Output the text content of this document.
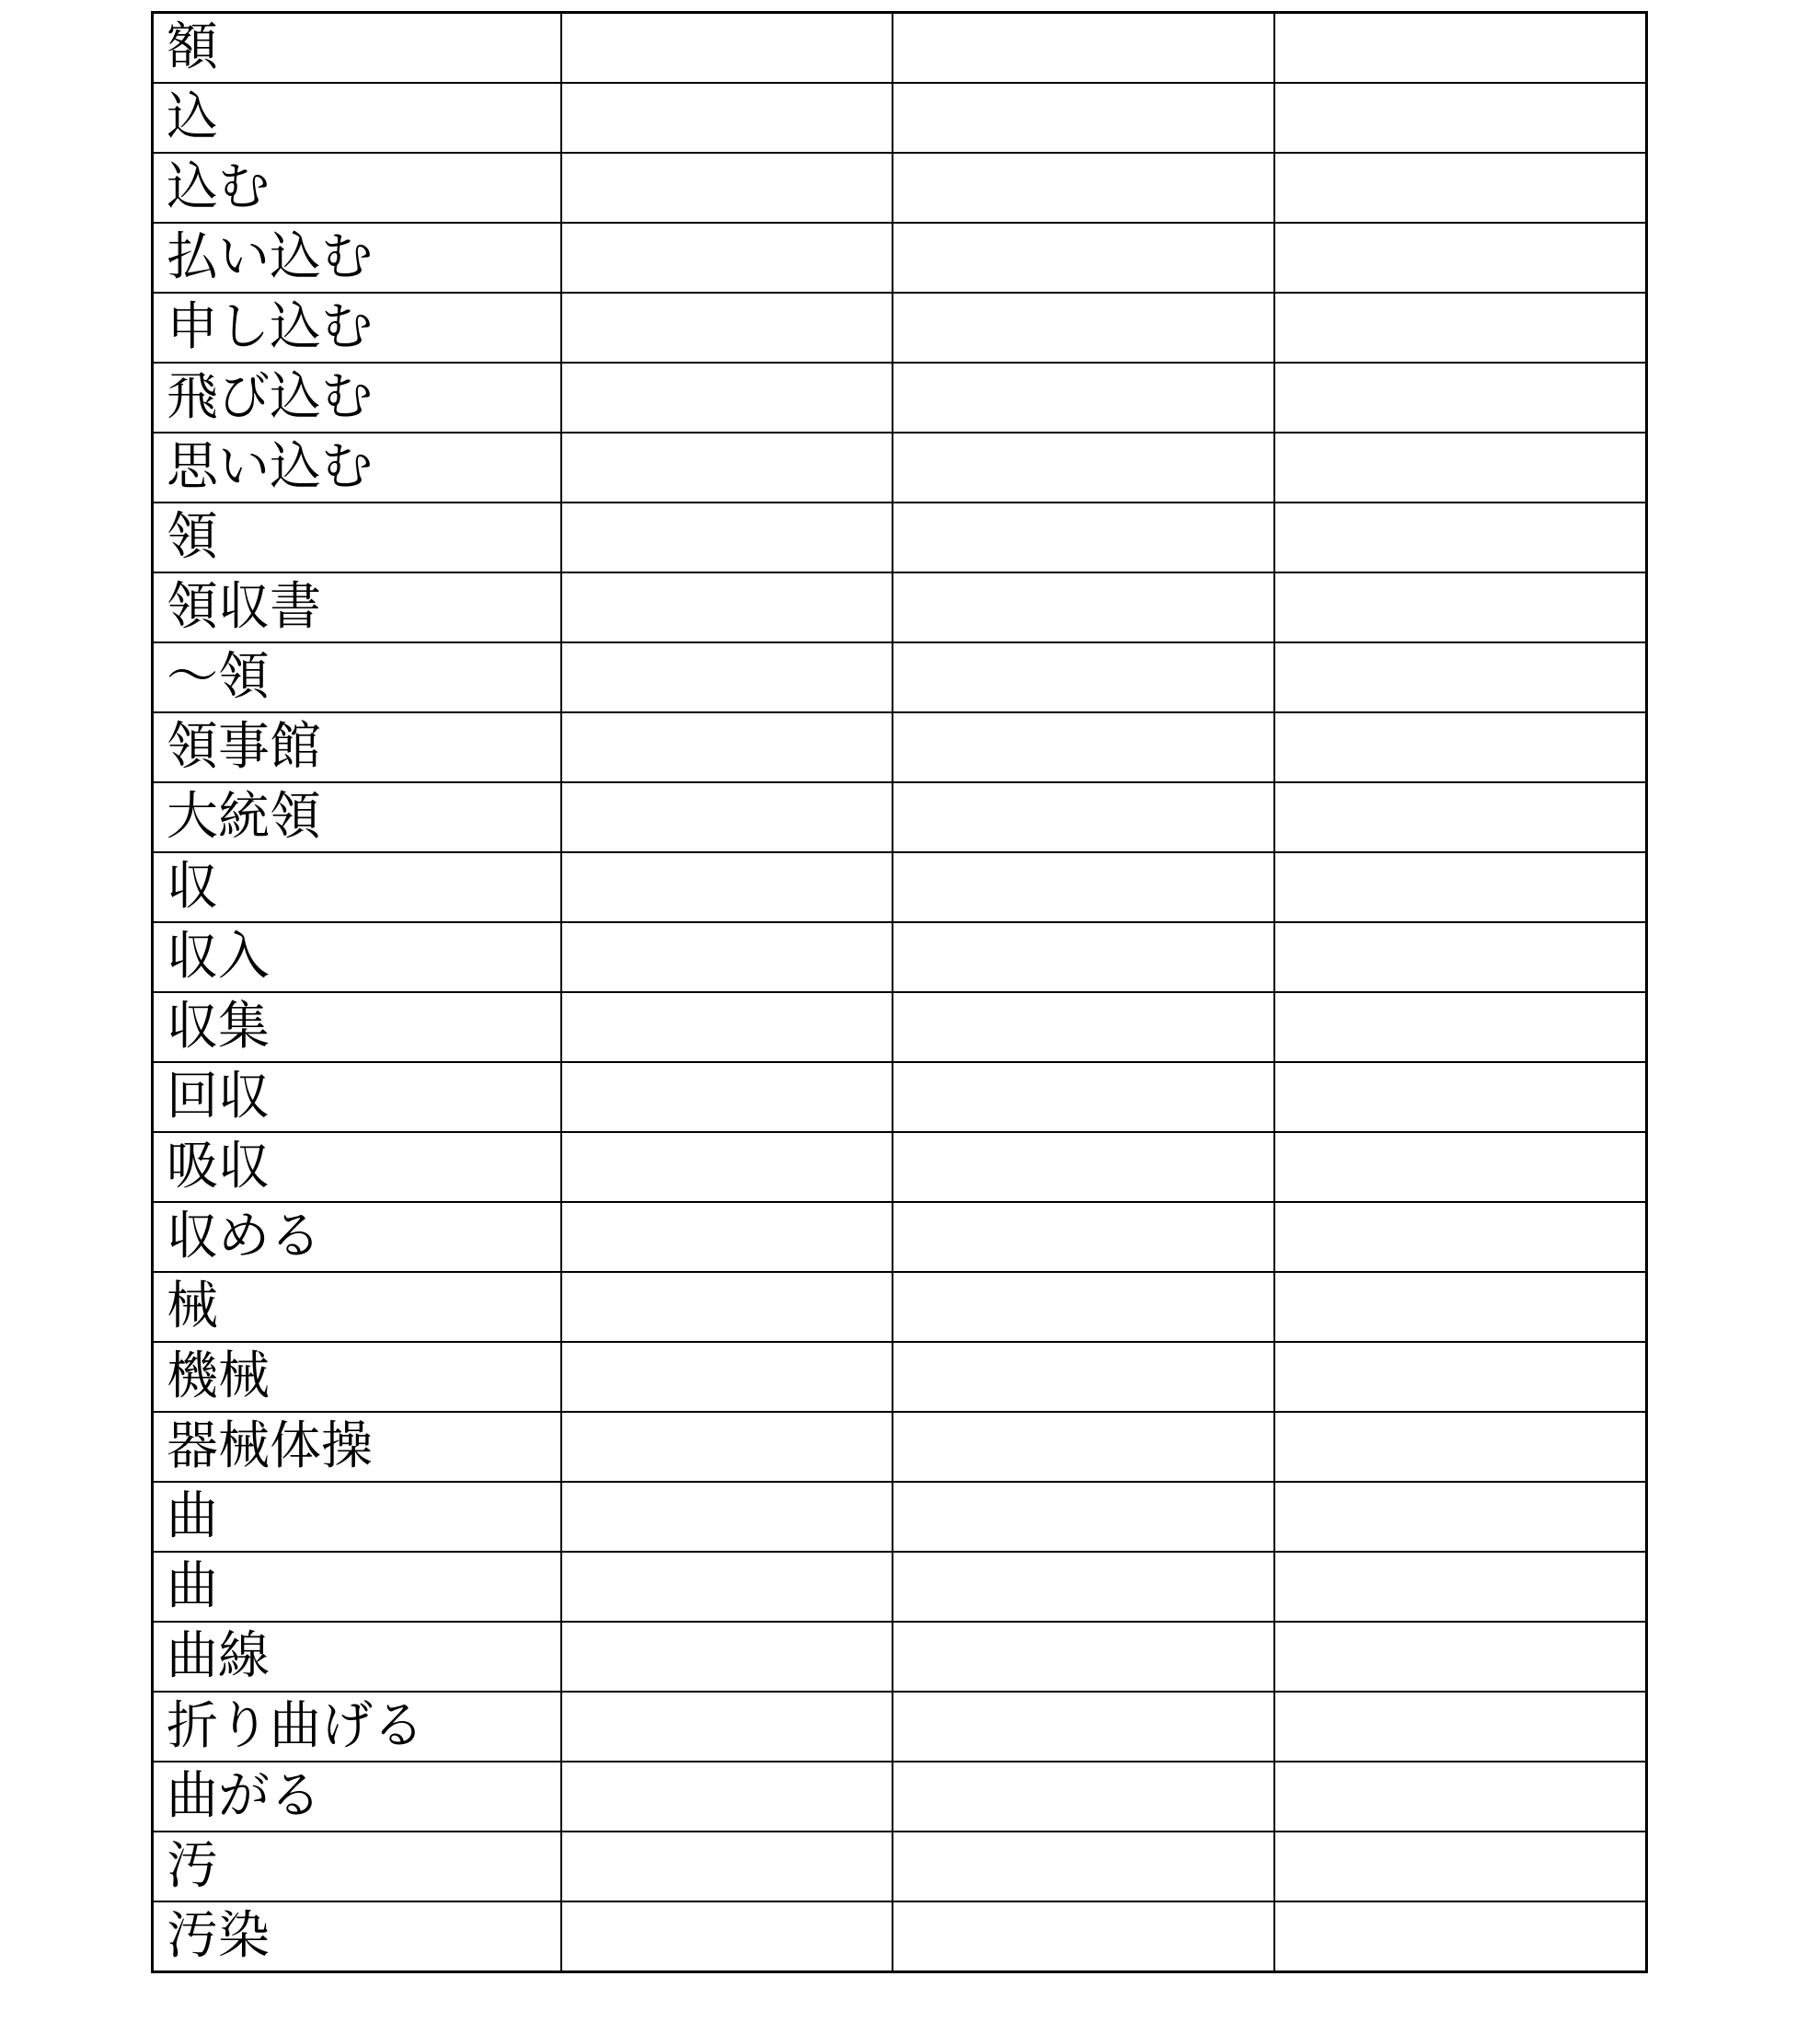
額			
込			
込む			
払い込む			
申し込む			
飛び込む			
思い込む			
領			
領収書			
～領			
領事館			
大統領			
収			
収入			
収集			
回収			
吸収			
収める			
械			
機械			
器械体操			
曲			
曲			
曲線			
折り曲げる			
曲がる			
汚			
汚染			
